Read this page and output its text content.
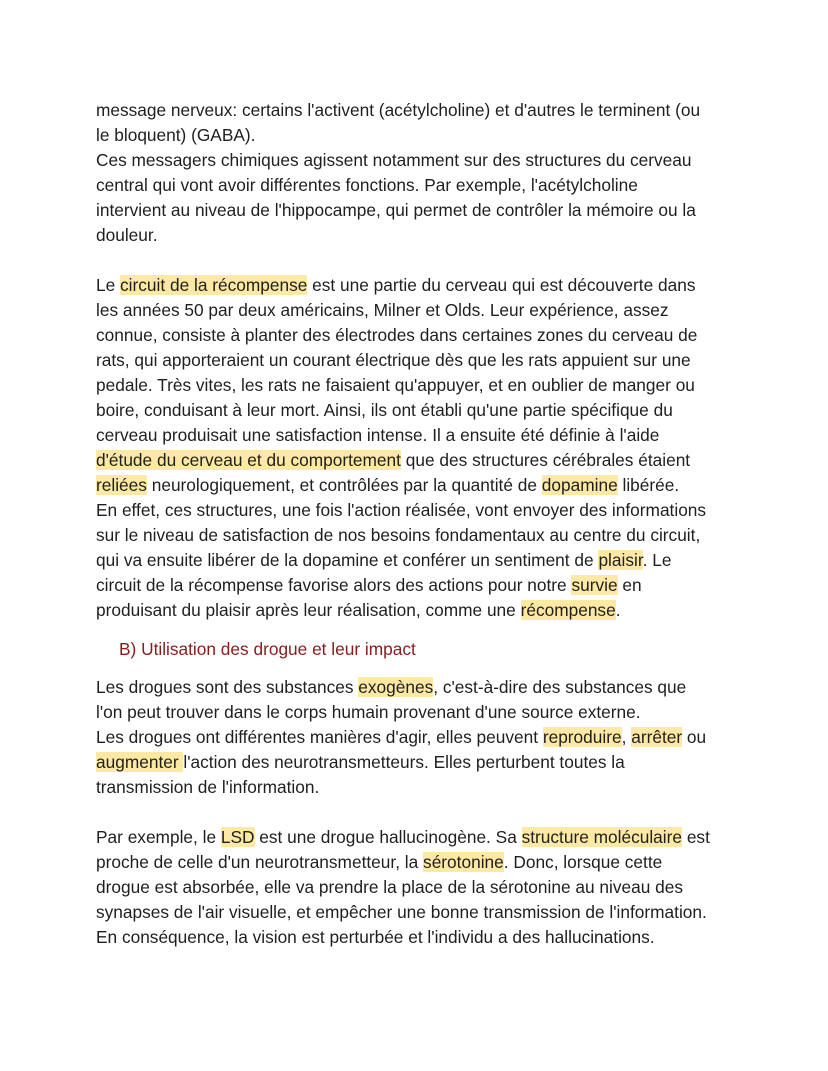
message nerveux: certains l'activent (acétylcholine) et d'autres le terminent (ou
le bloquent) (GABA).
Ces messagers chimiques agissent notamment sur des structures du cerveau
central qui vont avoir différentes fonctions. Par exemple, l'acétylcholine
intervient au niveau de l'hippocampe, qui permet de contrôler la mémoire ou la
douleur.
Le circuit de la récompense est une partie du cerveau qui est découverte dans
les années 50 par deux américains, Milner et Olds. Leur expérience, assez
connue, consiste à planter des électrodes dans certaines zones du cerveau de
rats, qui apporteraient un courant électrique dès que les rats appuient sur une
pedale. Très vites, les rats ne faisaient qu'appuyer, et en oublier de manger ou
boire, conduisant à leur mort. Ainsi, ils ont établi qu'une partie spécifique du
cerveau produisait une satisfaction intense. Il a ensuite été définie à l'aide
d'étude du cerveau et du comportement que des structures cérébrales étaient
reliées neurologiquement, et contrôlées par la quantité de dopamine libérée.
En effet, ces structures, une fois l'action réalisée, vont envoyer des informations
sur le niveau de satisfaction de nos besoins fondamentaux au centre du circuit,
qui va ensuite libérer de la dopamine et conférer un sentiment de plaisir. Le
circuit de la récompense favorise alors des actions pour notre survie en
produisant du plaisir après leur réalisation, comme une récompense.
B) Utilisation des drogue et leur impact
Les drogues sont des substances exogènes, c'est-à-dire des substances que
l'on peut trouver dans le corps humain provenant d'une source externe.
Les drogues ont différentes manières d'agir, elles peuvent reproduire, arrêter ou
augmenter l'action des neurotransmetteurs. Elles perturbent toutes la
transmission de l'information.
Par exemple, le LSD est une drogue hallucinogène. Sa structure moléculaire est
proche de celle d'un neurotransmetteur, la sérotonine. Donc, lorsque cette
drogue est absorbée, elle va prendre la place de la sérotonine au niveau des
synapses de l'air visuelle, et empêcher une bonne transmission de l'information.
En conséquence, la vision est perturbée et l'individu a des hallucinations.
